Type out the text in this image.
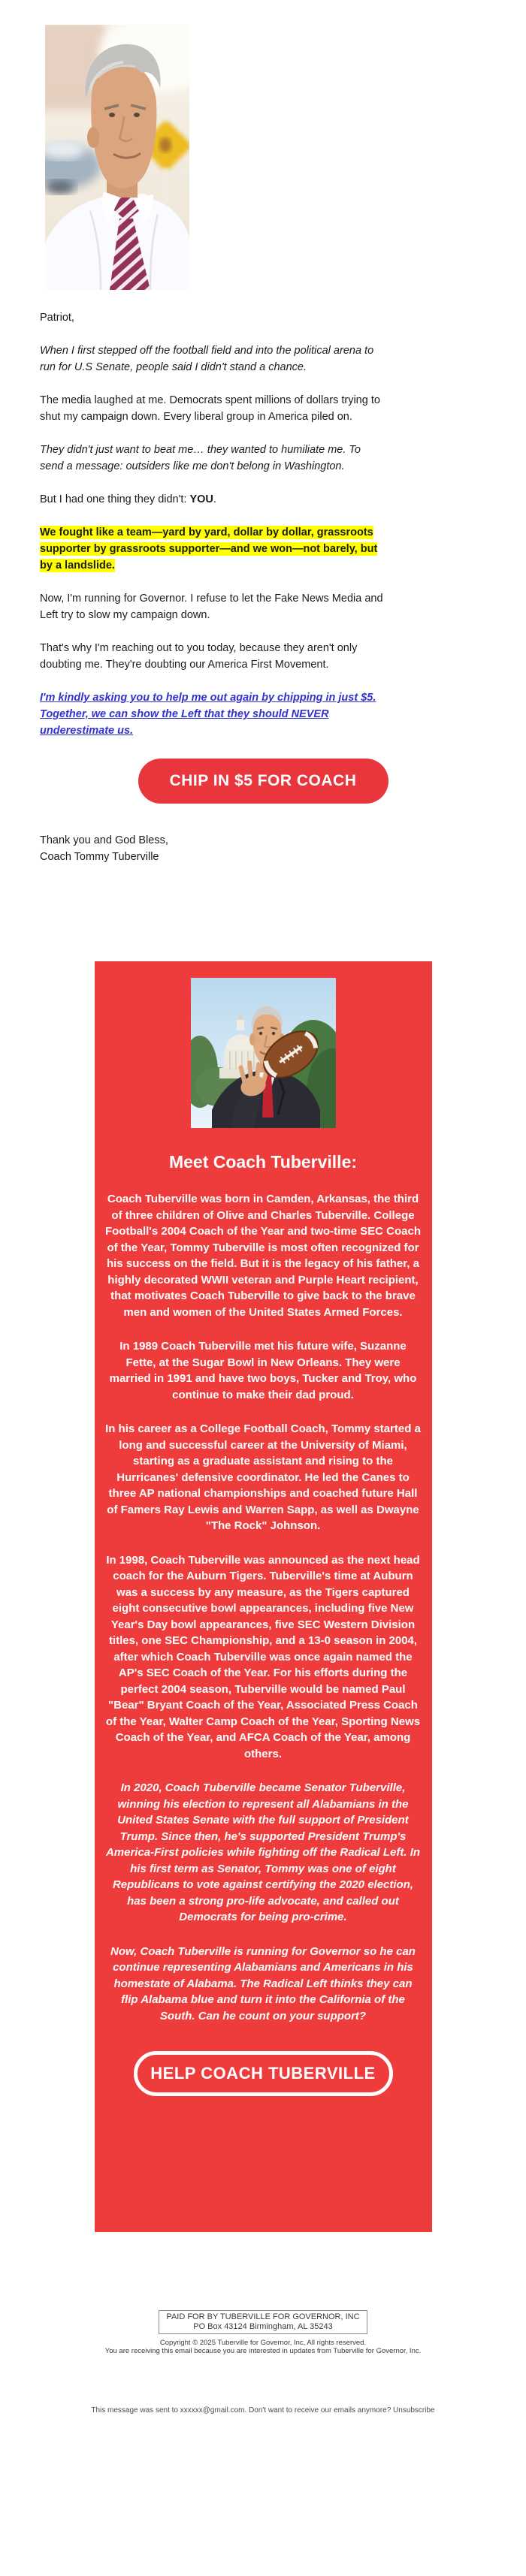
Patriot,

When I first stepped off the football field and into the political arena to run for U.S Senate, people said I didn't stand a chance.

The media laughed at me. Democrats spent millions of dollars trying to shut my campaign down. Every liberal group in America piled on.

They didn't just want to beat me… they wanted to humiliate me. To send a message: outsiders like me don't belong in Washington.

But I had one thing they didn't: YOU.

We fought like a team—yard by yard, dollar by dollar, grassroots supporter by grassroots supporter—and we won—not barely, but by a landslide.

Now, I'm running for Governor. I refuse to let the Fake News Media and Left try to slow my campaign down.

That's why I'm reaching out to you today, because they aren't only doubting me. They're doubting our America First Movement.

I'm kindly asking you to help me out again by chipping in just $5. Together, we can show the Left that they should NEVER underestimate us.

CHIP IN $5 FOR COACH
Thank you and God Bless,
Coach Tommy Tuberville
Meet Coach Tuberville:

Coach Tuberville was born in Camden, Arkansas, the third of three children of Olive and Charles Tuberville. College Football's 2004 Coach of the Year and two-time SEC Coach of the Year, Tommy Tuberville is most often recognized for his success on the field. But it is the legacy of his father, a highly decorated WWII veteran and Purple Heart recipient, that motivates Coach Tuberville to give back to the brave men and women of the United States Armed Forces.

In 1989 Coach Tuberville met his future wife, Suzanne Fette, at the Sugar Bowl in New Orleans. They were married in 1991 and have two boys, Tucker and Troy, who continue to make their dad proud.

In his career as a College Football Coach, Tommy started a long and successful career at the University of Miami, starting as a graduate assistant and rising to the Hurricanes' defensive coordinator. He led the Canes to three AP national championships and coached future Hall of Famers Ray Lewis and Warren Sapp, as well as Dwayne "The Rock" Johnson.

In 1998, Coach Tuberville was announced as the next head coach for the Auburn Tigers. Tuberville's time at Auburn was a success by any measure, as the Tigers captured eight consecutive bowl appearances, including five New Year's Day bowl appearances, five SEC Western Division titles, one SEC Championship, and a 13-0 season in 2004, after which Coach Tuberville was once again named the AP's SEC Coach of the Year. For his efforts during the perfect 2004 season, Tuberville would be named Paul "Bear" Bryant Coach of the Year, Associated Press Coach of the Year, Walter Camp Coach of the Year, Sporting News Coach of the Year, and AFCA Coach of the Year, among others.

In 2020, Coach Tuberville became Senator Tuberville, winning his election to represent all Alabamians in the United States Senate with the full support of President Trump. Since then, he's supported President Trump's America-First policies while fighting off the Radical Left. In his first term as Senator, Tommy was one of eight Republicans to vote against certifying the 2020 election, has been a strong pro-life advocate, and called out Democrats for being pro-crime.

Now, Coach Tuberville is running for Governor so he can continue representing Alabamians and Americans in his homestate of Alabama. The Radical Left thinks they can flip Alabama blue and turn it into the California of the South. Can he count on your support?

HELP COACH TUBERVILLE
PAID FOR BY TUBERVILLE FOR GOVERNOR, INC
PO Box 43124 Birmingham, AL 35243
Copyright © 2025 Tuberville for Governor, Inc, All rights reserved.
You are receiving this email because you are interested in updates from Tuberville for Governor, Inc.
This message was sent to xxxxxx@gmail.com. Don't want to receive our emails anymore? Unsubscribe
